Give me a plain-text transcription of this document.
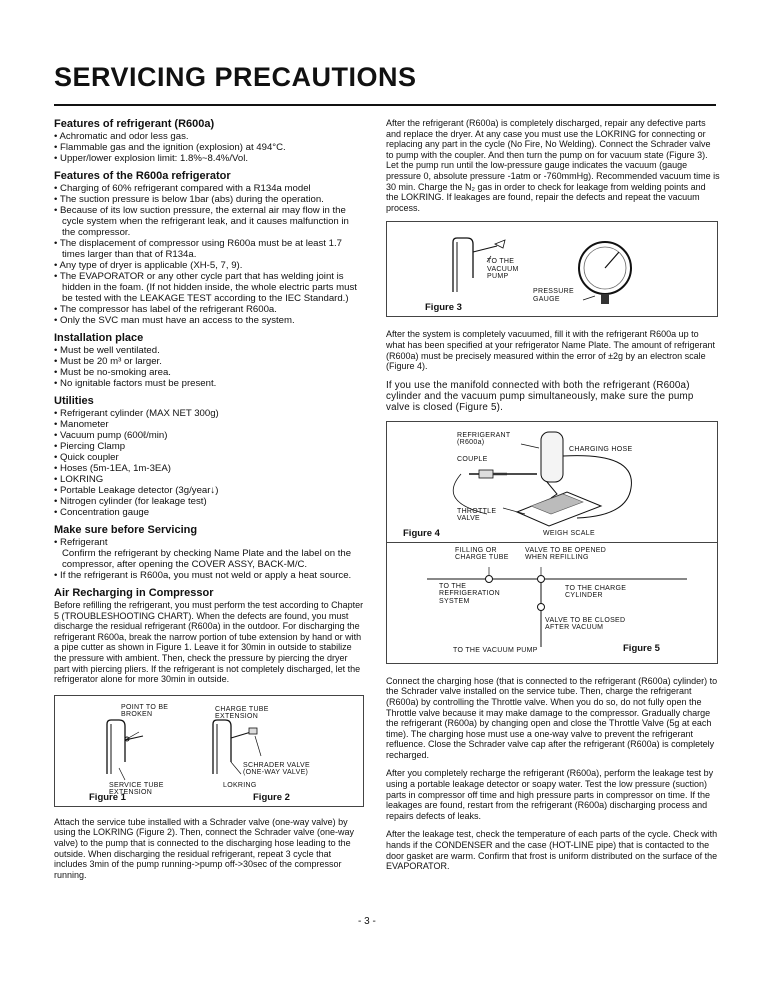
SERVICING PRECAUTIONS
Features of refrigerant (R600a)
• Achromatic and odor less gas.
• Flammable gas and the ignition (explosion) at 494°C.
• Upper/lower explosion limit: 1.8%~8.4%/Vol.
Features of the R600a refrigerator
• Charging of 60% refrigerant compared with a R134a model
• The suction pressure is below 1bar (abs) during the operation.
• Because of its low suction pressure, the external air may flow in the cycle system when the refrigerant leak, and it causes malfunction in the compressor.
• The displacement of compressor using R600a must be at least 1.7 times larger than that of R134a.
• Any type of dryer is applicable (XH-5, 7, 9).
• The EVAPORATOR or any other cycle part that has welding joint is hidden in the foam. (If not hidden inside, the whole electric parts must be tested with the LEAKAGE TEST according to the IEC Standard.)
• The compressor has label of the refrigerant R600a.
• Only the SVC man must have an access to the system.
Installation place
• Must be well ventilated.
• Must be 20 m³ or larger.
• Must be no-smoking area.
• No ignitable factors must be present.
Utilities
• Refrigerant cylinder (MAX NET 300g)
• Manometer
• Vacuum pump (600ℓ/min)
• Piercing Clamp
• Quick coupler
• Hoses (5m-1EA, 1m-3EA)
• LOKRING
• Portable Leakage detector (3g/year↓)
• Nitrogen cylinder (for leakage test)
• Concentration gauge
Make sure before Servicing
• Refrigerant

Confirm the refrigerant by checking Name Plate and the label on the compressor, after opening the COVER ASSY, BACK-M/C.

• If the refrigerant is R600a, you must not weld or apply a heat source.
Air Recharging in Compressor

Before refilling the refrigerant, you must perform the test according to Chapter 5 (TROUBLESHOOTING CHART). When the defects are found, you must discharge the residual refrigerant (R600a) in the outdoor. For discharging the refrigerant R600a, break the narrow portion of tube extension by hand or with a pipe cutter as shown in Figure 1. Leave it for 30min in outside to stabilize the pressure with ambient. Then, check the pressure by piercing the dryer part with piercing pliers. If the refrigerant is not completely discharged, let the refrigerator alone for more 30min in outside.

POINT TO BE
BROKEN
SERVICE TUBE
EXTENSION
CHARGE TUBE
EXTENSION
SCHRADER VALVE
(ONE-WAY VALVE)
LOKRING
Figure 1	Figure 2

Attach the service tube installed with a Schrader valve (one-way valve) by using the LOKRING (Figure 2). Then, connect the Schrader valve (one-way valve) to the pump that is connected to the discharging hose leading to the outside. When discharging the residual refrigerant, repeat 3 cycle that includes 3min of the pump running->pump off->30sec of the compressor running.

After the refrigerant (R600a) is completely discharged, repair any defective parts and replace the dryer. At any case you must use the LOKRING for connecting or replacing any part in the cycle (No Fire, No Welding). Connect the Schrader valve to pump with the coupler. And then turn the pump on for vacuum state (Figure 3). Let the pump run until the low-pressure gauge indicates the vacuum (gauge pressure 0, absolute pressure -1atm or -760mmHg). Recommended vacuum time is 30 min. Charge the N₂ gas in order to check for leakage from welding points and the LOKRING. If leakages are found, repair the defects and repeat the vacuum process.

TO THE
VACUUM
PUMP
PRESSURE
GAUGE
Figure 3

After the system is completely vacuumed, fill it with the refrigerant R600a up to what has been specified at your refrigerator Name Plate. The amount of refrigerant (R600a) must be precisely measured within the error of ±2g by an electron scale (Figure 4).

If you use the manifold connected with both the refrigerant (R600a) cylinder and the vacuum pump simultaneously, make sure the pump valve is closed (Figure 5).

REFRIGERANT
(R600a)
COUPLE
CHARGING HOSE
THROTTLE
VALVE
WEIGH SCALE
Figure 4
FILLING OR
CHARGE TUBE
VALVE TO BE OPENED
WHEN REFILLING
TO THE
REFRIGERATION
SYSTEM
TO THE CHARGE
CYLINDER
VALVE TO BE CLOSED
AFTER VACUUM
TO THE VACUUM PUMP	Figure 5

Connect the charging hose (that is connected to the refrigerant (R600a) cylinder) to the Schrader valve installed on the service tube. Then, charge the refrigerant (R600a) by controlling the Throttle valve. When you do so, do not fully open the Throttle valve because it may make damage to the compressor. Gradually charge the refrigerant (R600a) by changing open and close the Throttle Valve (5g at each time). The charging hose must use a one-way valve to prevent the refrigerant refluence. Close the Schrader valve cap after the refrigerant (R600a) is completely recharged.

After you completely recharge the refrigerant (R600a), perform the leakage test by using a portable leakage detector or soapy water. Test the low pressure (suction) parts in compressor off time and high pressure parts in compressor on time. If the leakages are found, restart from the refrigerant (R600a) discharging process and repairs defects of leaks.

After the leakage test, check the temperature of each parts of the cycle. Check with hands if the CONDENSER and the case (HOT-LINE pipe) that is contacted to the door gasket are warm. Confirm that frost is uniform distributed on the surface of the EVAPORATOR.

- 3 -
